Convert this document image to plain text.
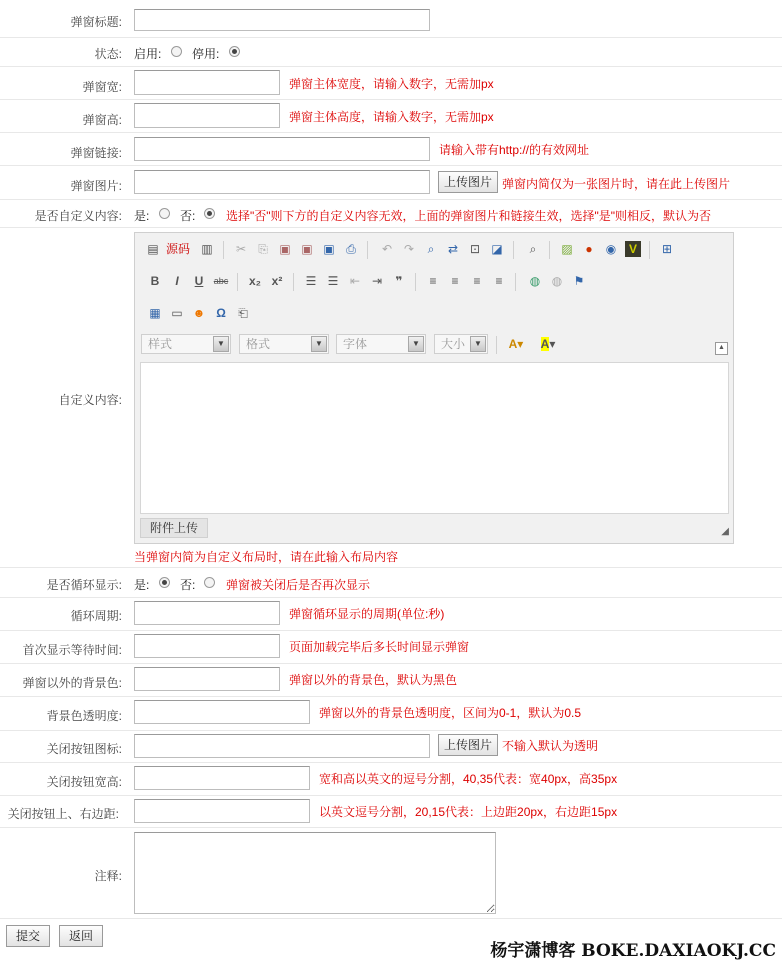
弹窗标题:
状态: 启用:	停用:
弹窗宽:	弹窗主体宽度，请输入数字，无需加px
弹窗高:	弹窗主体高度，请输入数字，无需加px
弹窗链接:	请输入带有http://的有效网址
弹窗图片:	上传图片 弹窗内简仅为一张图片时，请在此上传图片
是否自定义内容: 是:	否:	选择"否"则下方的自定义内容无效，上面的弹窗图片和链接生效，选择"是"则相反，默认为否
自定义内容:
当弹窗内简为自定义布局时，请在此输入布局内容
▤ 源码 ▥ ✂ ⎘ ▣ ▣ ▣ ⎙ ↶ ↷	⌕	⇄ ⊡ ◪	⌕	▨	●	◉	V	⊞
B	I	U	abc x₂ x² ☰ ☰ ⇤ ⇥	❞	≡	≡	≡	≡	◍ ◍ ⚑
▦ ▭ ☻ Ω ⎗
样式	▼	格式	▼	字体	▼	大小	▼	A▾	A▾	▲
附件上传	◢
是否循环显示: 是:	否:	弹窗被关闭后是否再次显示
循环周期:	弹窗循环显示的周期(单位:秒)
首次显示等待时间:	页面加载完毕后多长时间显示弹窗
弹窗以外的背景色:	弹窗以外的背景色，默认为黑色
背景色透明度:	弹窗以外的背景色透明度，区间为0-1，默认为0.5
关闭按钮图标:	上传图片 不输入默认为透明
关闭按钮宽高:	宽和高以英文的逗号分割，40,35代表：宽40px，高35px
关闭按钮上、右边距:	以英文逗号分割，20,15代表：上边距20px，右边距15px
注释:
提交	返回
杨宇潇博客 BOKE.DAXIAOKJ.CC
